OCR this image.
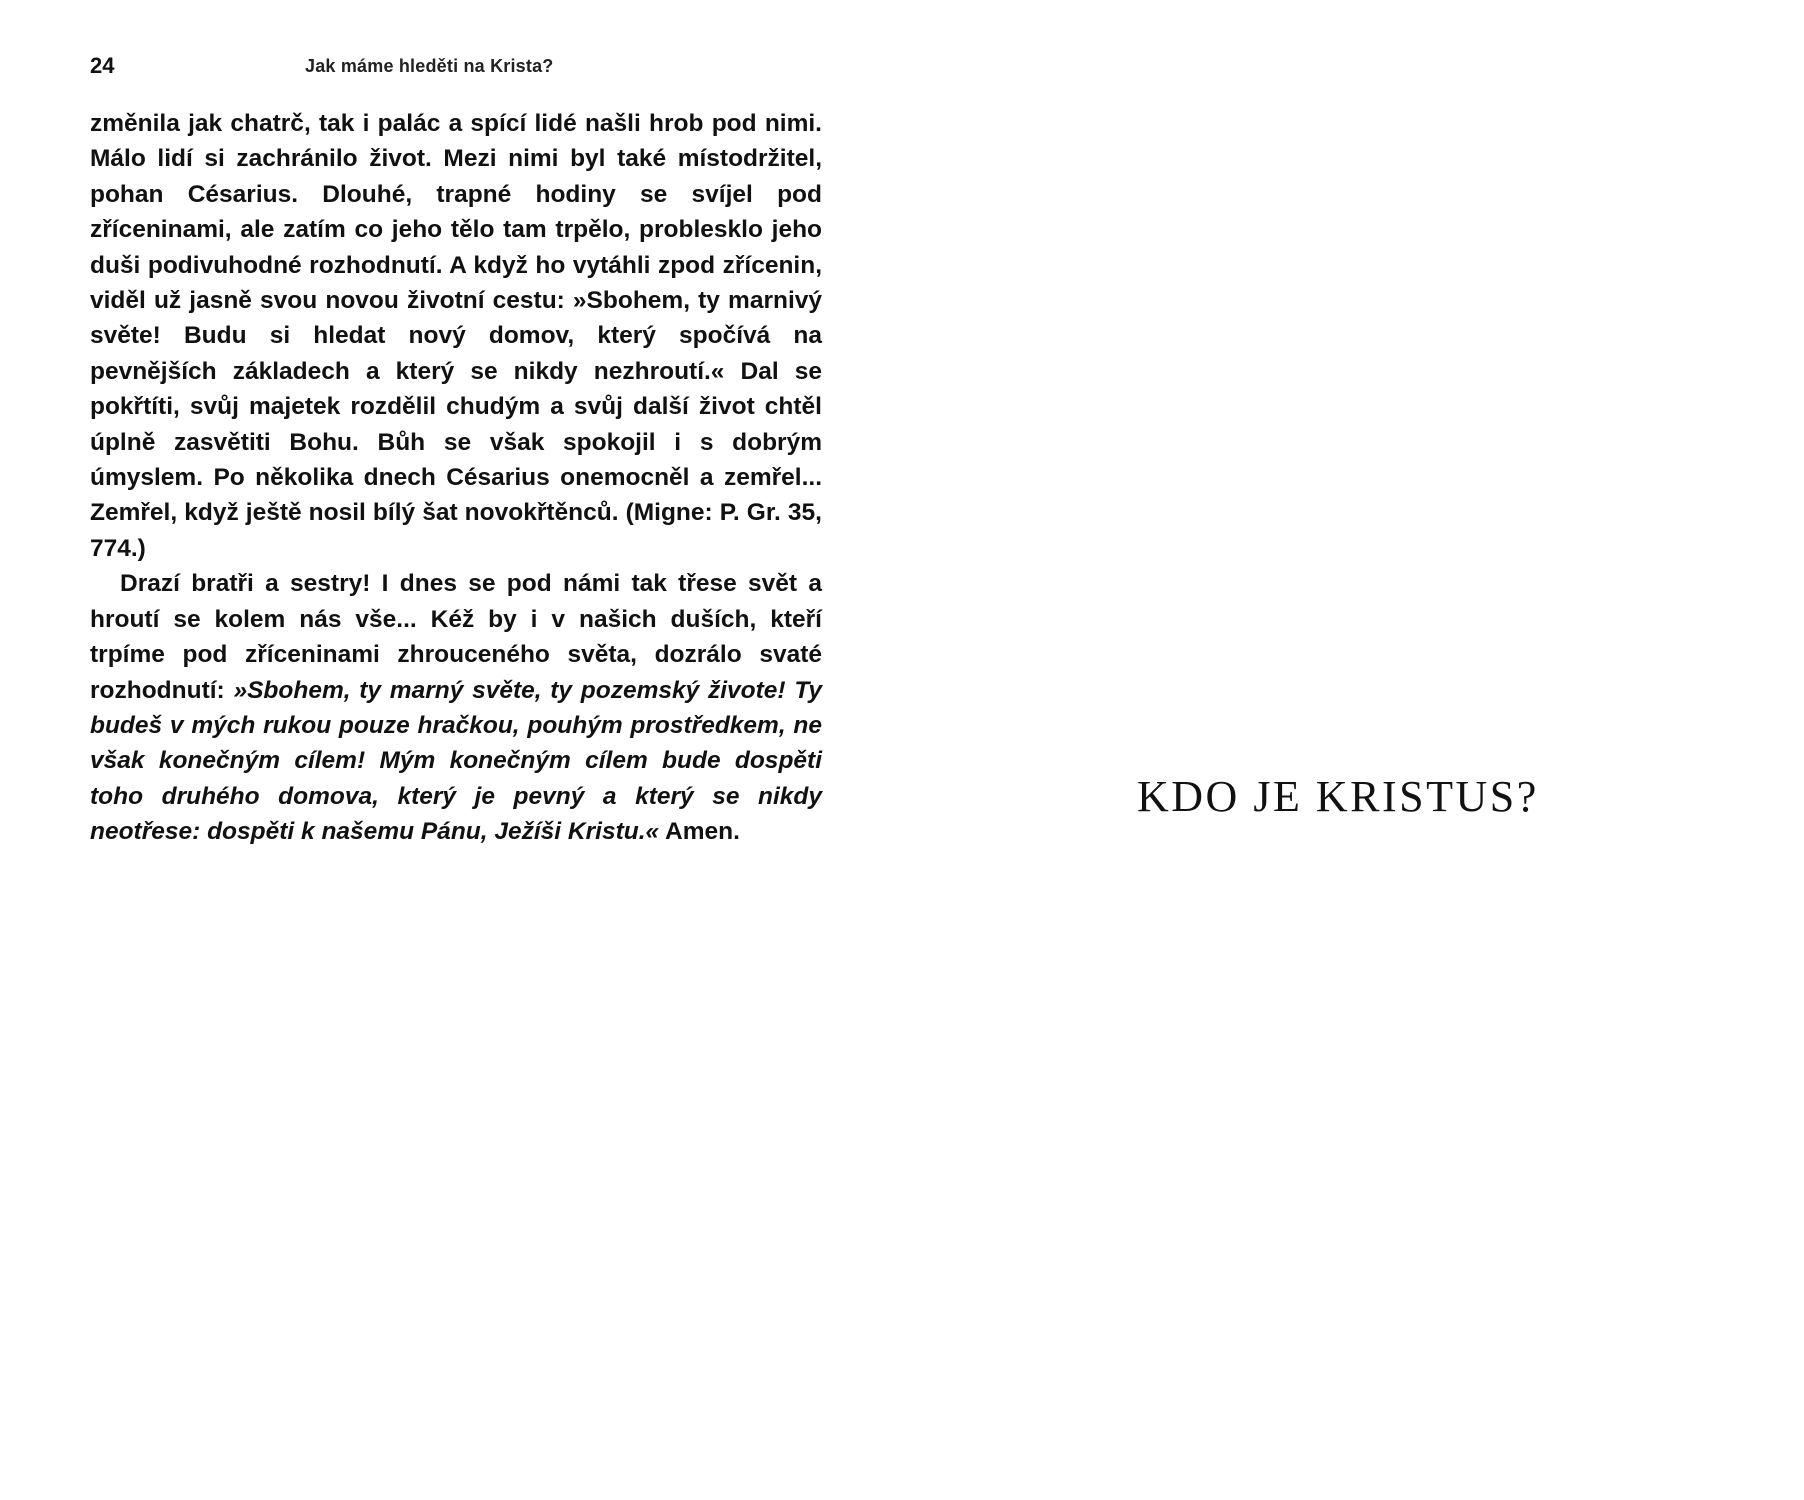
24	Jak máme hleděti na Krista?

změnila jak chatrč, tak i palác a spící lidé našli hrob pod nimi. Málo lidí si zachránilo život. Mezi nimi byl také místodržitel, pohan Césarius. Dlouhé, trapné hodiny se svíjel pod zříceninami, ale zatím co jeho tělo tam trpělo, problesklo jeho duši podivuhodné rozhodnutí. A když ho vytáhli zpod zřícenin, viděl už jasně svou novou životní cestu: »Sbohem, ty marnivý světe! Budu si hledat nový domov, který spočívá na pevnějších základech a který se nikdy nezhroutí.« Dal se pokřtíti, svůj majetek rozdělil chudým a svůj další život chtěl úplně zasvětiti Bohu. Bůh se však spokojil i s dobrým úmyslem. Po několika dnech Césarius onemocněl a zemřel... Zemřel, když ještě nosil bílý šat novokřtěnců. (Migne: P. Gr. 35, 774.)

Drazí bratři a sestry! I dnes se pod námi tak třese svět a hroutí se kolem nás vše... Kéž by i v našich duších, kteří trpíme pod zříceninami zhrouceného světa, dozrálo svaté rozhodnutí: »Sbohem, ty marný světe, ty pozemský živote! Ty budeš v mých rukou pouze hračkou, pouhým prostředkem, ne však konečným cílem! Mým konečným cílem bude dospěti toho druhého domova, který je pevný a který se nikdy neotřese: dospěti k našemu Pánu, Ježíši Kristu.« Amen.

KDO JE KRISTUS?
